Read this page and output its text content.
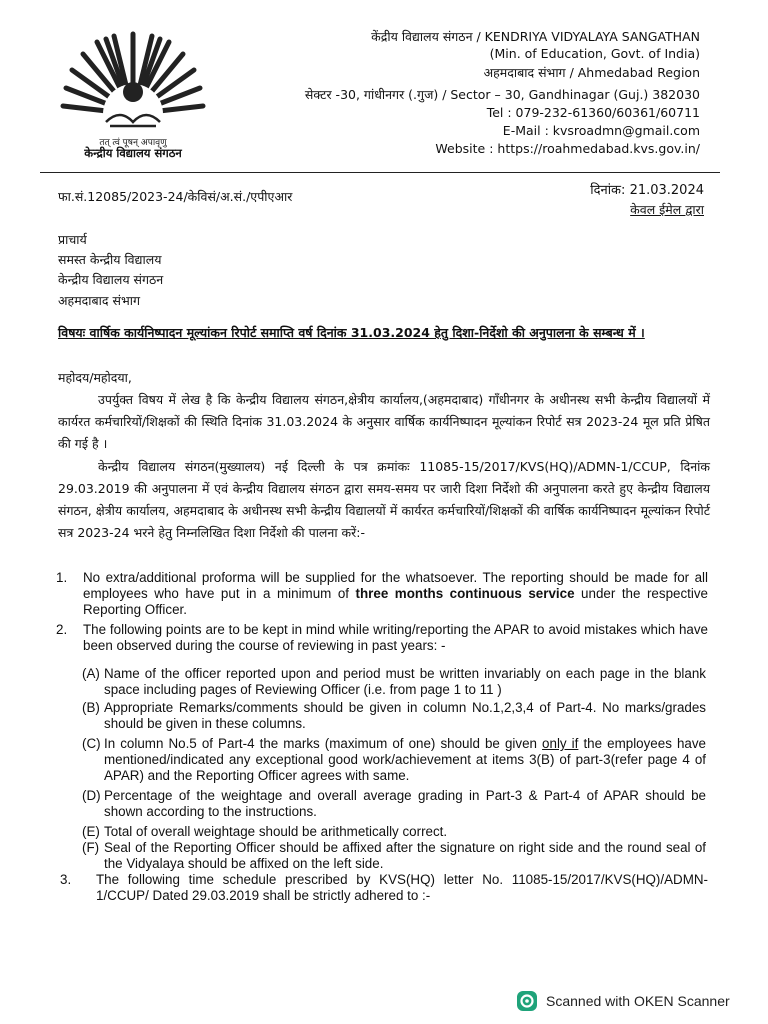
तत् त्वं पूषन् अपावृणु
केन्द्रीय विद्यालय संगठन
केंद्रीय विद्यालय संगठन / KENDRIYA VIDYALAYA SANGATHAN
(Min. of Education, Govt. of India)
अहमदाबाद संभाग / Ahmedabad Region
सेक्टर -30, गांधीनगर (.गुज) / Sector – 30, Gandhinagar (Guj.) 382030
Tel : 079-232-61360/60361/60711
E-Mail : kvsroadmn@gmail.com
Website : https://roahmedabad.kvs.gov.in/
फा.सं.12085/2023-24/केविसं/अ.सं./एपीएआर	दिनांक: 21.03.2024
केवल ईमेल द्वारा
प्राचार्य
समस्त केन्द्रीय विद्यालय
केन्द्रीय विद्यालय संगठन
अहमदाबाद संभाग
विषयः वार्षिक कार्यनिष्पादन मूल्यांकन रिपोर्ट समाप्ति वर्ष दिनांक 31.03.2024 हेतु दिशा-निर्देशो की अनुपालना के सम्बन्ध में ।
महोदय/महोदया,
उपर्युक्त विषय में लेख है कि केन्द्रीय विद्यालय संगठन,क्षेत्रीय कार्यालय,(अहमदाबाद) गाँधीनगर के अधीनस्थ सभी केन्द्रीय विद्यालयों में कार्यरत कर्मचारियों/शिक्षकों की स्थिति दिनांक 31.03.2024 के अनुसार वार्षिक कार्यनिष्पादन मूल्यांकन रिपोर्ट सत्र 2023-24 मूल प्रति प्रेषित की गई है ।
केन्द्रीय विद्यालय संगठन(मुख्यालय) नई दिल्ली के पत्र क्रमांकः 11085-15/2017/KVS(HQ)/ADMN-1/CCUP, दिनांक 29.03.2019 की अनुपालना में एवं केन्द्रीय विद्यालय संगठन द्वारा समय-समय पर जारी दिशा निर्देशो की अनुपालना करते हुए केन्द्रीय विद्यालय संगठन, क्षेत्रीय कार्यालय, अहमदाबाद के अधीनस्थ सभी केन्द्रीय विद्यालयों में कार्यरत कर्मचारियों/शिक्षकों की वार्षिक कार्यनिष्पादन मूल्यांकन रिपोर्ट सत्र 2023-24 भरने हेतु निम्नलिखित दिशा निर्देशो की पालना करें:-
1. No extra/additional proforma will be supplied for the whatsoever. The reporting should be made for all employees who have put in a minimum of three months continuous service under the respective Reporting Officer.
2. The following points are to be kept in mind while writing/reporting the APAR to avoid mistakes which have been observed during the course of reviewing in past years: -
(A) Name of the officer reported upon and period must be written invariably on each page in the blank space including pages of Reviewing Officer (i.e. from page 1 to 11 )
(B) Appropriate Remarks/comments should be given in column No.1,2,3,4 of Part-4. No marks/grades should be given in these columns.
(C) In column No.5 of Part-4 the marks (maximum of one) should be given only if the employees have mentioned/indicated any exceptional good work/achievement at items 3(B) of part-3(refer page 4 of APAR) and the Reporting Officer agrees with same.
(D) Percentage of the weightage and overall average grading in Part-3 & Part-4 of APAR should be shown according to the instructions.
(E) Total of overall weightage should be arithmetically correct.
(F) Seal of the Reporting Officer should be affixed after the signature on right side and the round seal of the Vidyalaya should be affixed on the left side.
3. The following time schedule prescribed by KVS(HQ) letter No. 11085-15/2017/KVS(HQ)/ADMN-1/CCUP/ Dated 29.03.2019 shall be strictly adhered to :-
Scanned with OKEN Scanner
